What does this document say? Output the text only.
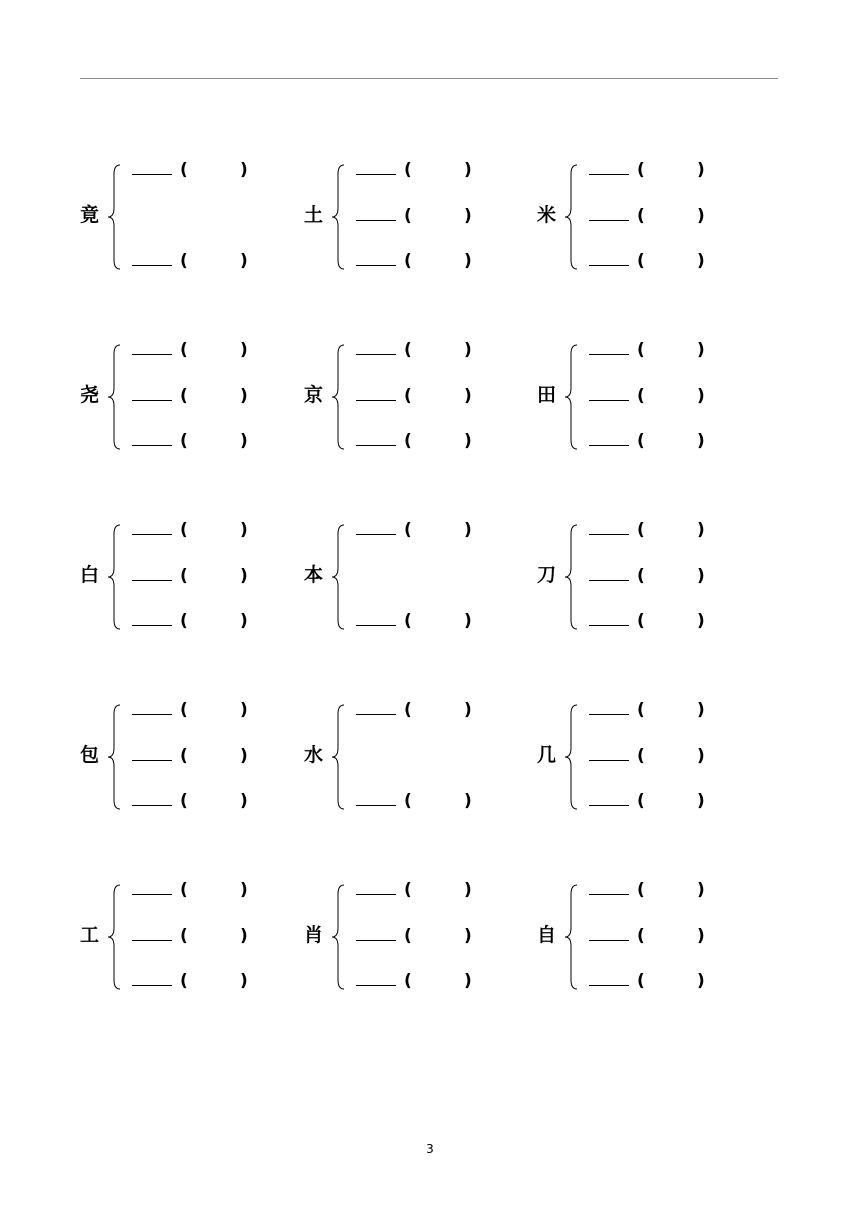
竟
(	)
(	)
土
(	)
(	)
(	)
米
(	)
(	)
(	)
尧
(	)
(	)
(	)
京
(	)
(	)
(	)
田
(	)
(	)
(	)
白
(	)
(	)
(	)
本
(	)
(	)
刀
(	)
(	)
(	)
包
(	)
(	)
(	)
水
(	)
(	)
几
(	)
(	)
(	)
工
(	)
(	)
(	)
肖
(	)
(	)
(	)
自
(	)
(	)
(	)
3
